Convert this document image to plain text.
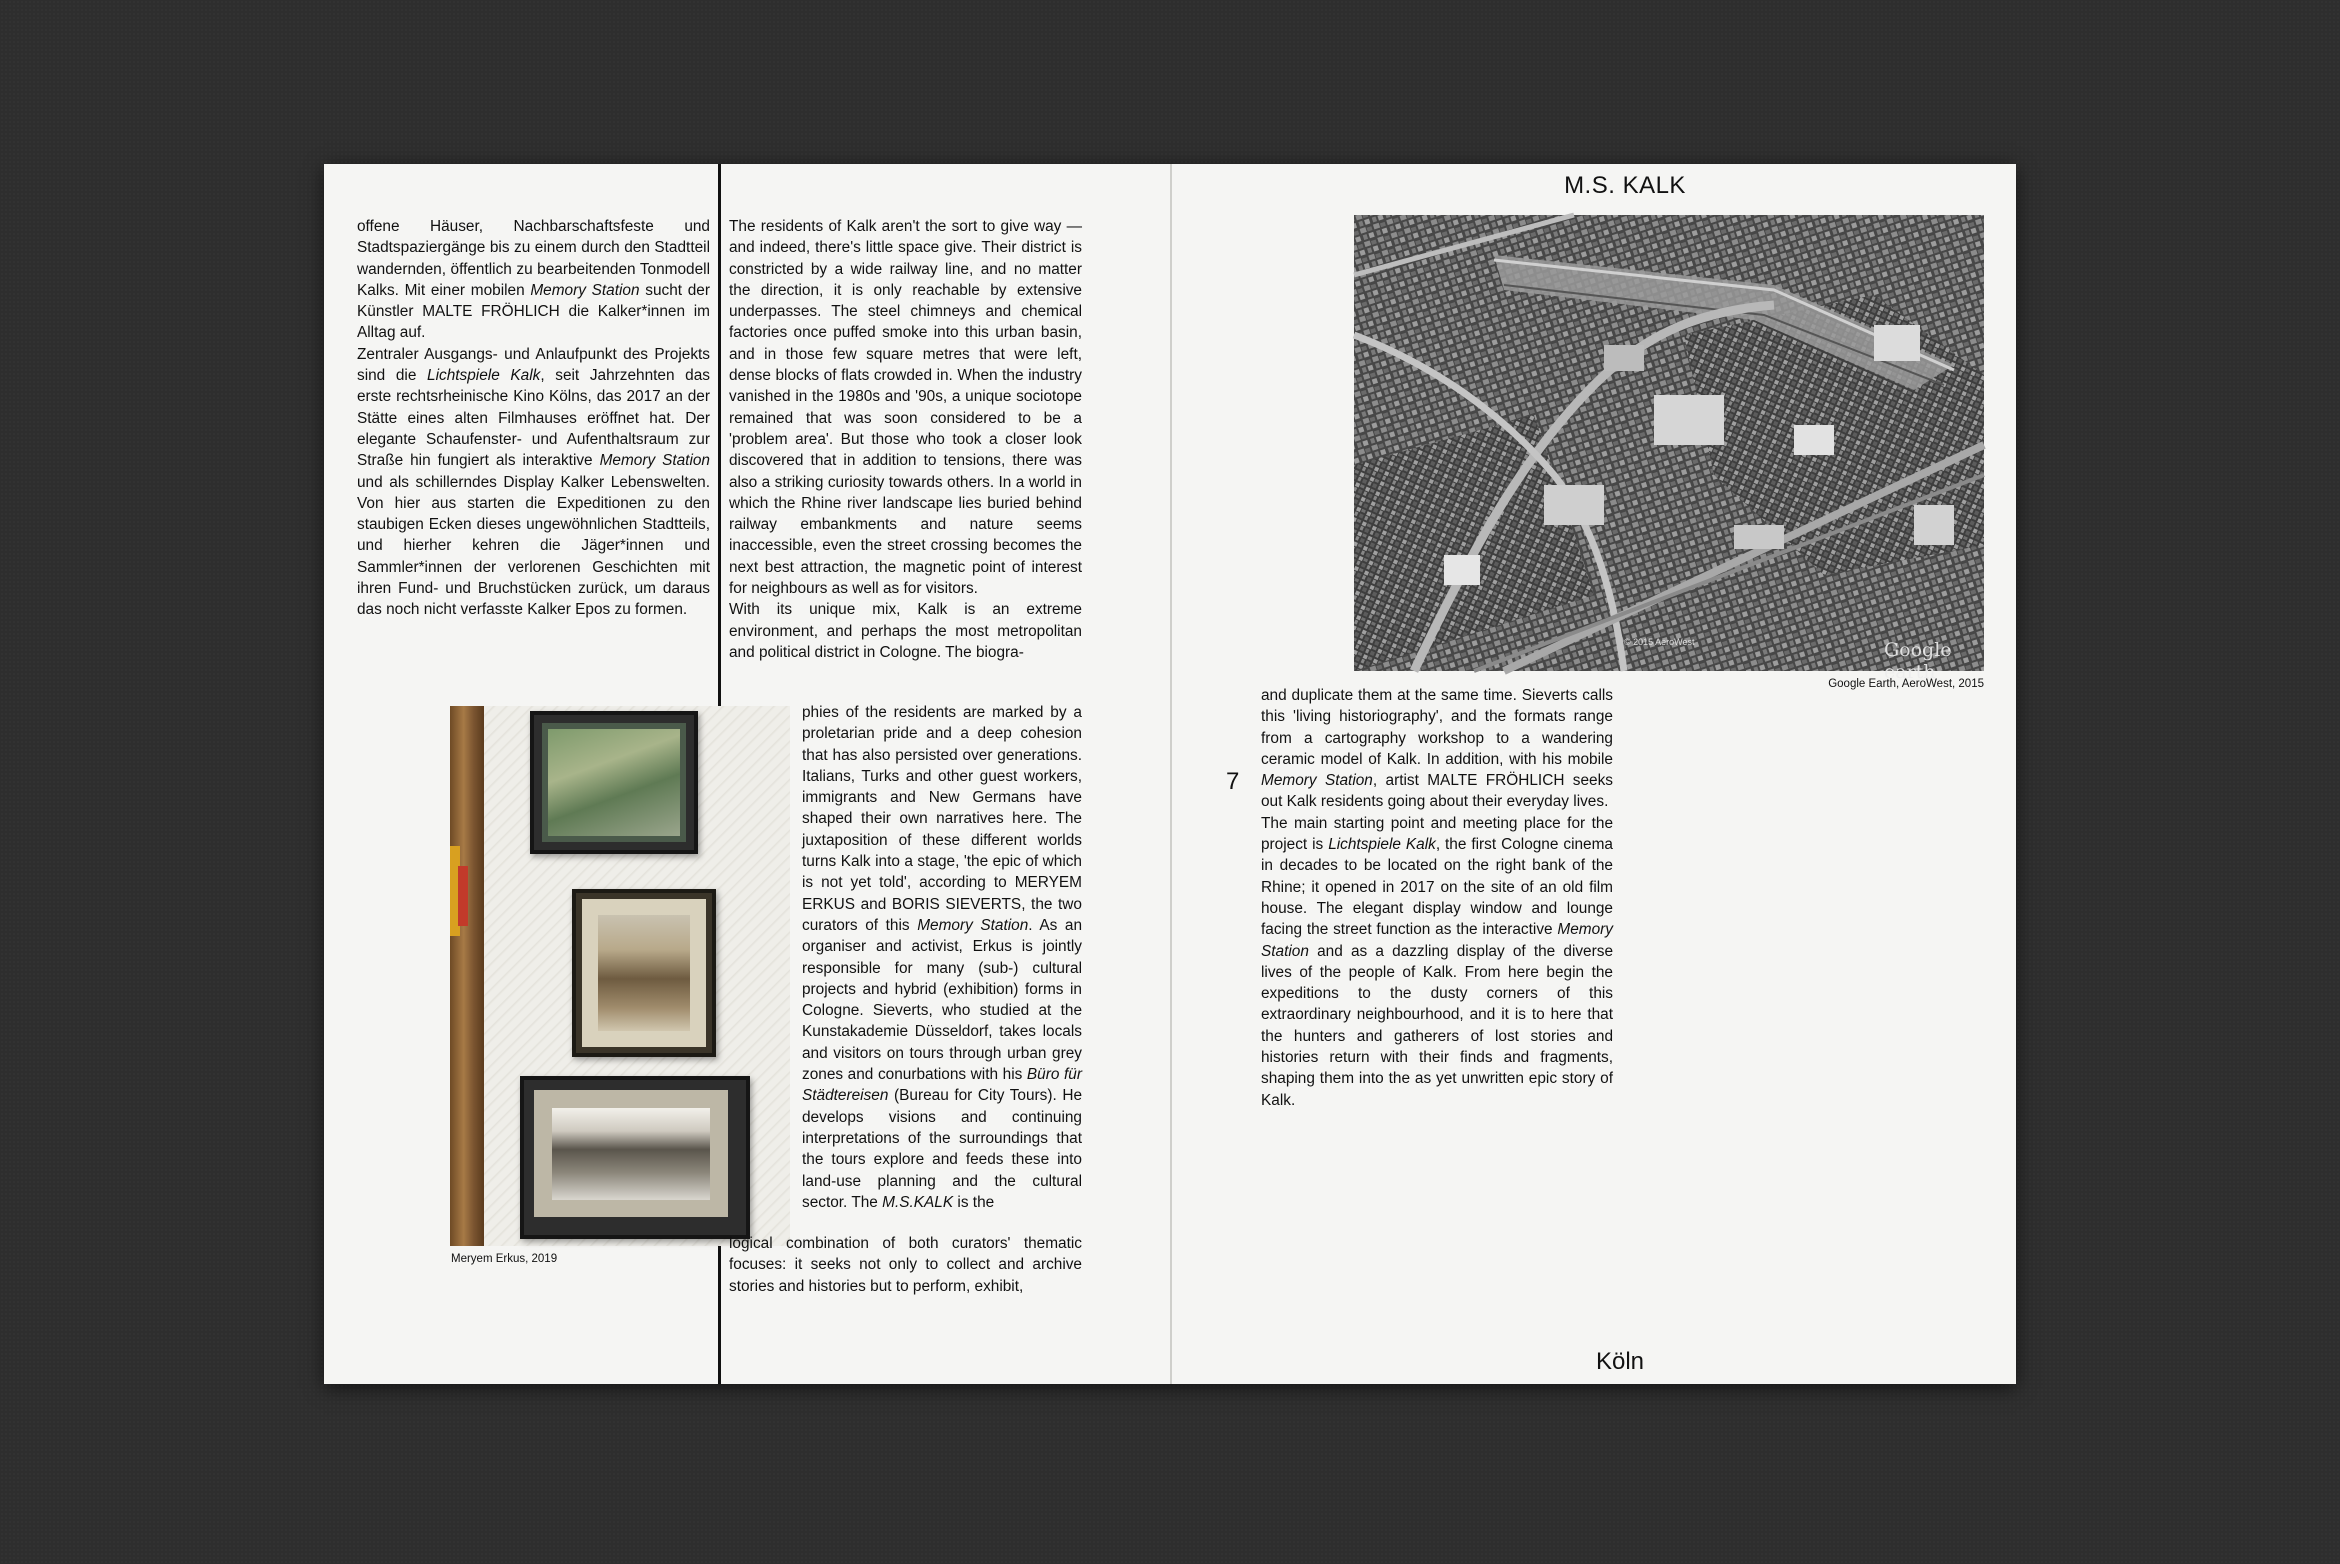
offene Häuser, Nachbarschaftsfeste und Stadtspaziergänge bis zu einem durch den Stadtteil wandernden, öffentlich zu bearbeitenden Tonmodell Kalks. Mit einer mobilen Memory Station sucht der Künstler MALTE FRÖHLICH die Kalker*innen im Alltag auf.

Zentraler Ausgangs- und Anlaufpunkt des Projekts sind die Lichtspiele Kalk, seit Jahrzehnten das erste rechtsrheinische Kino Kölns, das 2017 an der Stätte eines alten Filmhauses eröffnet hat. Der elegante Schaufenster- und Aufenthaltsraum zur Straße hin fungiert als interaktive Memory Station und als schillerndes Display Kalker Lebenswelten. Von hier aus starten die Expeditionen zu den staubigen Ecken dieses ungewöhnlichen Stadtteils, und hierher kehren die Jäger*innen und Sammler*innen der verlorenen Geschichten mit ihren Fund- und Bruchstücken zurück, um daraus das noch nicht verfasste Kalker Epos zu formen.

Meryem Erkus, 2019

The residents of Kalk aren't the sort to give way — and indeed, there's little space give. Their district is constricted by a wide railway line, and no matter the direction, it is only reachable by extensive underpasses. The steel chimneys and chemical factories once puffed smoke into this urban basin, and in those few square metres that were left, dense blocks of flats crowded in. When the industry vanished in the 1980s and '90s, a unique sociotope remained that was soon considered to be a 'problem area'. But those who took a closer look discovered that in addition to tensions, there was also a striking curiosity towards others. In a world in which the Rhine river landscape lies buried behind railway embankments and nature seems inaccessible, even the street crossing becomes the next best attraction, the magnetic point of interest for neighbours as well as for visitors.

With its unique mix, Kalk is an extreme environment, and perhaps the most metropolitan and political district in Cologne. The biogra-

phies of the residents are marked by a proletarian pride and a deep cohesion that has also persisted over generations. Italians, Turks and other guest workers, immigrants and New Germans have shaped their own narratives here. The juxtaposition of these different worlds turns Kalk into a stage, 'the epic of which is not yet told', according to MERYEM ERKUS and BORIS SIEVERTS, the two curators of this Memory Station. As an organiser and activist, Erkus is jointly responsible for many (sub-) cultural projects and hybrid (exhibition) forms in Cologne. Sieverts, who studied at the Kunstakademie Düsseldorf, takes locals and visitors on tours through urban grey zones and conurbations with his Büro für Städtereisen (Bureau for City Tours). He develops visions and continuing interpretations of the surroundings that the tours explore and feeds these into land-use planning and the cultural sector. The M.S.KALK is the

logical combination of both curators' thematic focuses: it seeks not only to collect and archive stories and histories but to perform, exhibit,

M.S. KALK
© 2015 AeroWest	Google earth
Google Earth, AeroWest, 2015
7

and duplicate them at the same time. Sieverts calls this 'living historiography', and the formats range from a cartography workshop to a wandering ceramic model of Kalk. In addition, with his mobile Memory Station, artist MALTE FRÖHLICH seeks out Kalk residents going about their everyday lives.

The main starting point and meeting place for the project is Lichtspiele Kalk, the first Cologne cinema in decades to be located on the right bank of the Rhine; it opened in 2017 on the site of an old film house. The elegant display window and lounge facing the street function as the interactive Memory Station and as a dazzling display of the diverse lives of the people of Kalk. From here begin the expeditions to the dusty corners of this extraordinary neighbourhood, and it is to here that the hunters and gatherers of lost stories and histories return with their finds and fragments, shaping them into the as yet unwritten epic story of Kalk.

Köln
